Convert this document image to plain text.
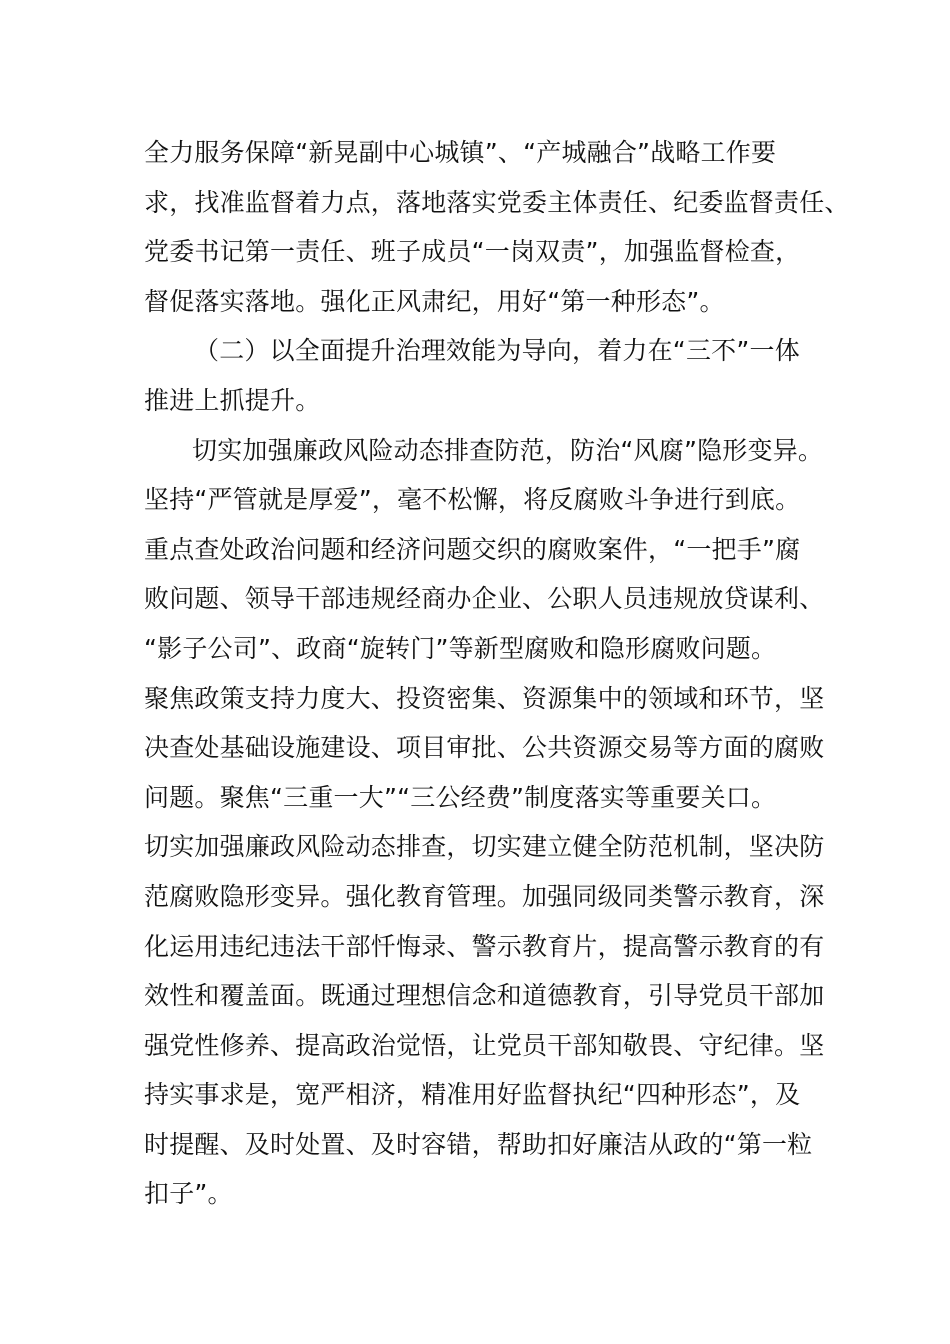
全力服务保障“新晃副中心城镇”、“产城融合”战略工作要
求，找准监督着力点，落地落实党委主体责任、纪委监督责任、
党委书记第一责任、班子成员“一岗双责”，加强监督检查，
督促落实落地。强化正风肃纪，用好“第一种形态”。
（二）以全面提升治理效能为导向，着力在“三不”一体
推进上抓提升。
切实加强廉政风险动态排查防范，防治“风腐”隐形变异。
坚持“严管就是厚爱”，毫不松懈，将反腐败斗争进行到底。
重点查处政治问题和经济问题交织的腐败案件，“一把手”腐
败问题、领导干部违规经商办企业、公职人员违规放贷谋利、
“影子公司”、政商“旋转门”等新型腐败和隐形腐败问题。
聚焦政策支持力度大、投资密集、资源集中的领域和环节，坚
决查处基础设施建设、项目审批、公共资源交易等方面的腐败
问题。聚焦“三重一大”“三公经费”制度落实等重要关口。
切实加强廉政风险动态排查，切实建立健全防范机制，坚决防
范腐败隐形变异。强化教育管理。加强同级同类警示教育，深
化运用违纪违法干部忏悔录、警示教育片，提高警示教育的有
效性和覆盖面。既通过理想信念和道德教育，引导党员干部加
强党性修养、提高政治觉悟，让党员干部知敬畏、守纪律。坚
持实事求是，宽严相济，精准用好监督执纪“四种形态”，及
时提醒、及时处置、及时容错，帮助扣好廉洁从政的“第一粒
扣子”。
